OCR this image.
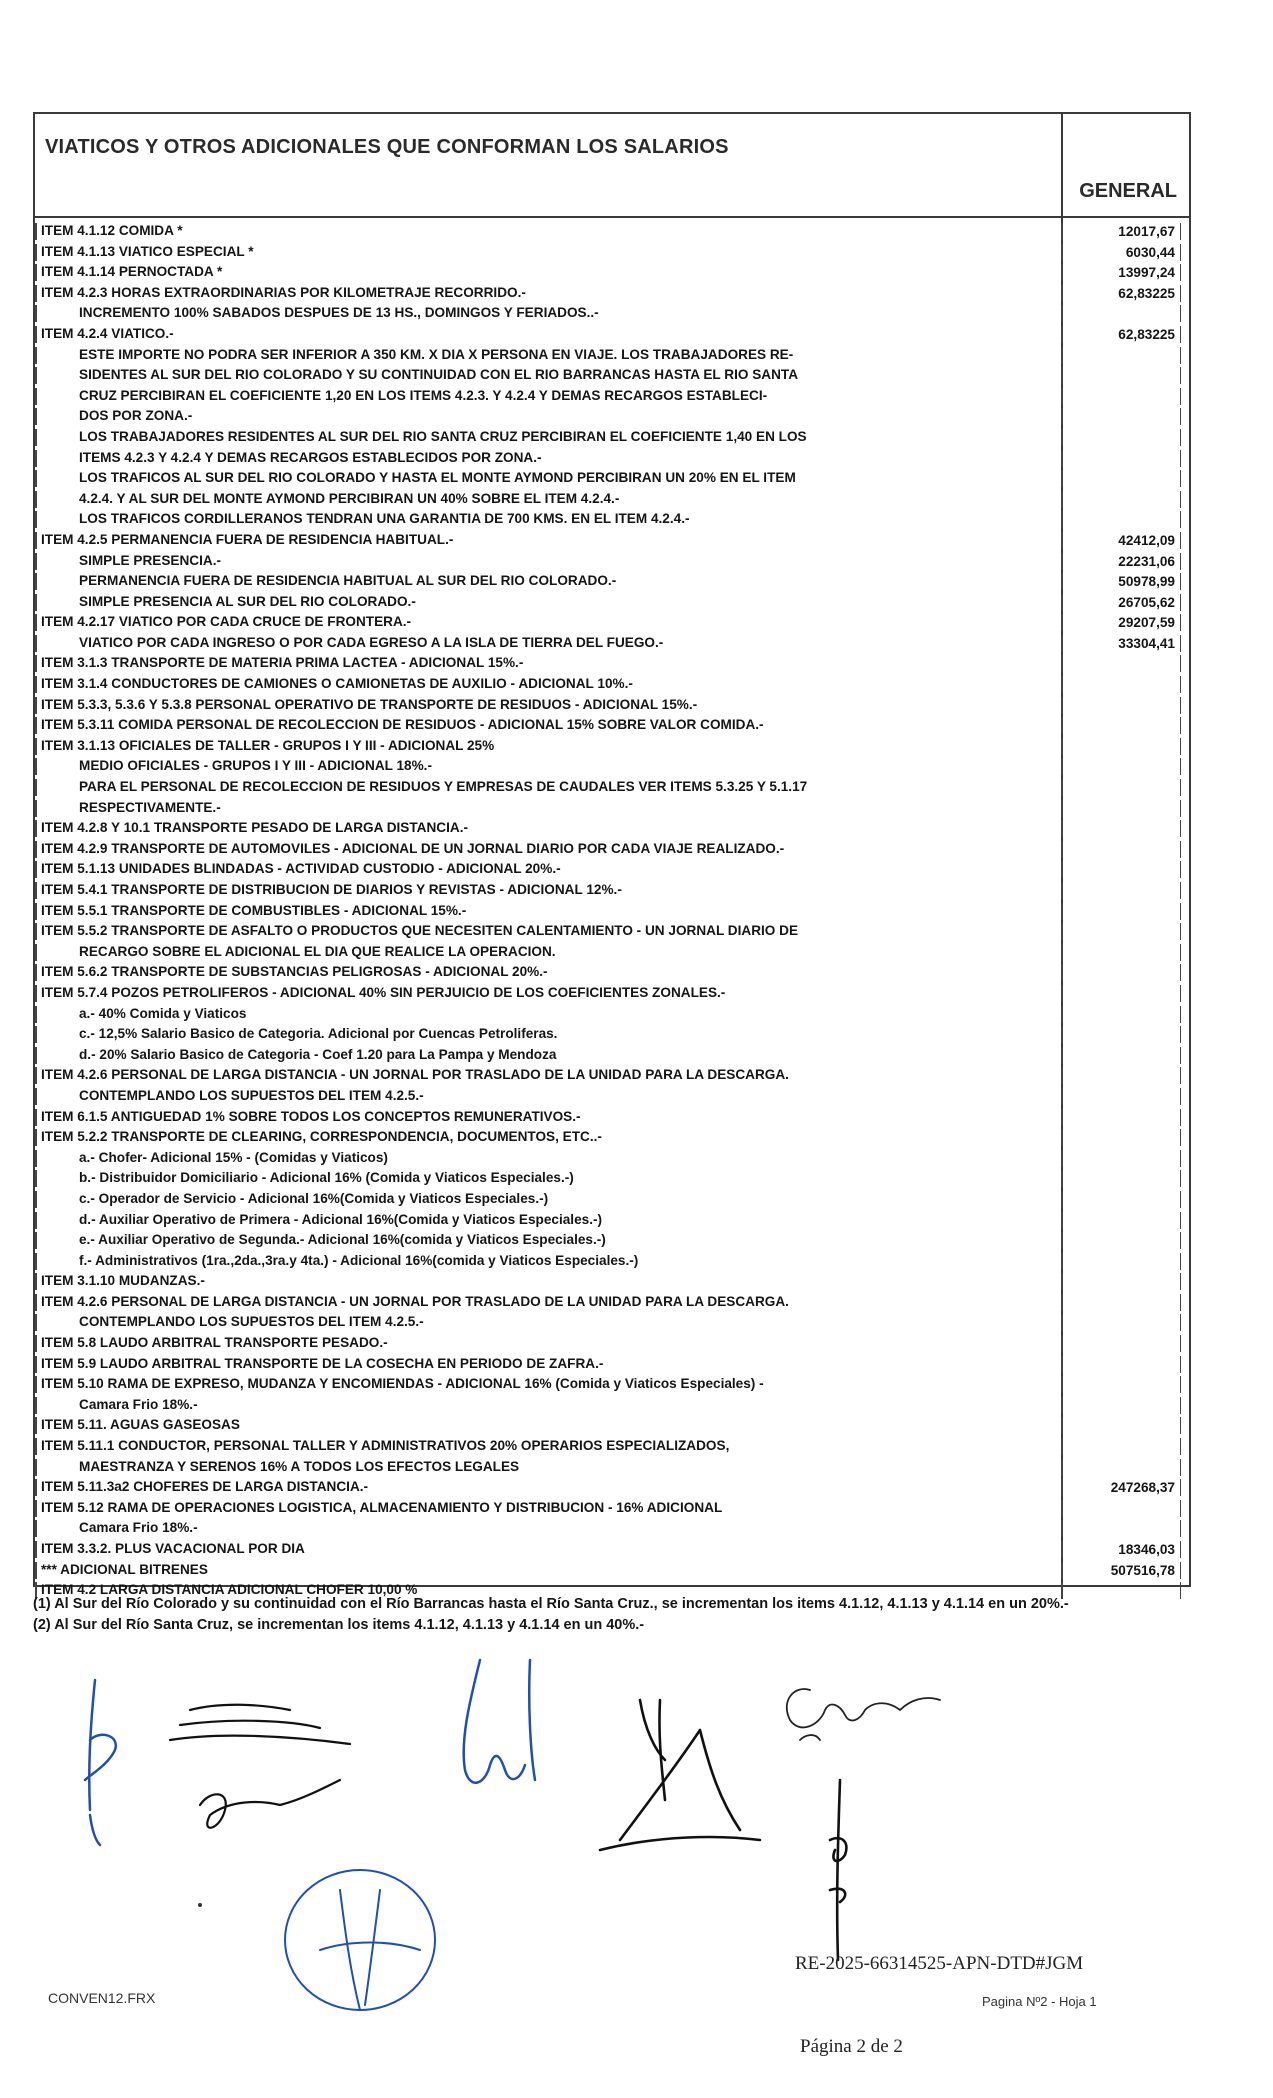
VIATICOS Y OTROS ADICIONALES QUE CONFORMAN LOS SALARIOS
GENERAL
ITEM 4.1.12 COMIDA *	12017,67
ITEM 4.1.13 VIATICO ESPECIAL *	6030,44
ITEM 4.1.14 PERNOCTADA *	13997,24
ITEM 4.2.3 HORAS EXTRAORDINARIAS POR KILOMETRAJE RECORRIDO.-	62,83225
INCREMENTO 100% SABADOS DESPUES DE 13 HS., DOMINGOS Y FERIADOS..-
ITEM 4.2.4 VIATICO.-	62,83225
ESTE IMPORTE NO PODRA SER INFERIOR A 350 KM. X DIA X PERSONA EN VIAJE. LOS TRABAJADORES RE-
SIDENTES AL SUR DEL RIO COLORADO Y SU CONTINUIDAD CON EL RIO BARRANCAS HASTA EL RIO SANTA
CRUZ PERCIBIRAN EL COEFICIENTE 1,20 EN LOS ITEMS 4.2.3. Y 4.2.4 Y DEMAS RECARGOS ESTABLECI-
DOS POR ZONA.-
LOS TRABAJADORES RESIDENTES AL SUR DEL RIO SANTA CRUZ PERCIBIRAN EL COEFICIENTE 1,40 EN LOS
ITEMS 4.2.3 Y 4.2.4 Y DEMAS RECARGOS ESTABLECIDOS POR ZONA.-
LOS TRAFICOS AL SUR DEL RIO COLORADO Y HASTA EL MONTE AYMOND PERCIBIRAN UN 20% EN EL ITEM
4.2.4. Y AL SUR DEL MONTE AYMOND PERCIBIRAN UN 40% SOBRE EL ITEM 4.2.4.-
LOS TRAFICOS CORDILLERANOS TENDRAN UNA GARANTIA DE 700 KMS. EN EL ITEM 4.2.4.-
ITEM 4.2.5 PERMANENCIA FUERA DE RESIDENCIA HABITUAL.-	42412,09
SIMPLE PRESENCIA.-	22231,06
PERMANENCIA FUERA DE RESIDENCIA HABITUAL AL SUR DEL RIO COLORADO.-	50978,99
SIMPLE PRESENCIA AL SUR DEL RIO COLORADO.-	26705,62
ITEM 4.2.17 VIATICO POR CADA CRUCE DE FRONTERA.-	29207,59
VIATICO POR CADA INGRESO O POR CADA EGRESO A LA ISLA DE TIERRA DEL FUEGO.-	33304,41
ITEM 3.1.3 TRANSPORTE DE MATERIA PRIMA LACTEA - ADICIONAL 15%.-
ITEM 3.1.4 CONDUCTORES DE CAMIONES O CAMIONETAS DE AUXILIO - ADICIONAL 10%.-
ITEM 5.3.3, 5.3.6 Y 5.3.8 PERSONAL OPERATIVO DE TRANSPORTE DE RESIDUOS - ADICIONAL 15%.-
ITEM 5.3.11 COMIDA PERSONAL DE RECOLECCION DE RESIDUOS - ADICIONAL 15% SOBRE VALOR COMIDA.-
ITEM 3.1.13 OFICIALES DE TALLER - GRUPOS I Y III - ADICIONAL 25%
MEDIO OFICIALES - GRUPOS I Y III - ADICIONAL 18%.-
PARA EL PERSONAL DE RECOLECCION DE RESIDUOS Y EMPRESAS DE CAUDALES VER ITEMS 5.3.25 Y 5.1.17
RESPECTIVAMENTE.-
ITEM 4.2.8 Y 10.1 TRANSPORTE PESADO DE LARGA DISTANCIA.-
ITEM 4.2.9 TRANSPORTE DE AUTOMOVILES - ADICIONAL DE UN JORNAL DIARIO POR CADA VIAJE REALIZADO.-
ITEM 5.1.13 UNIDADES BLINDADAS - ACTIVIDAD CUSTODIO - ADICIONAL 20%.-
ITEM 5.4.1 TRANSPORTE DE DISTRIBUCION DE DIARIOS Y REVISTAS - ADICIONAL 12%.-
ITEM 5.5.1 TRANSPORTE DE COMBUSTIBLES - ADICIONAL 15%.-
ITEM 5.5.2 TRANSPORTE DE ASFALTO O PRODUCTOS QUE NECESITEN CALENTAMIENTO - UN JORNAL DIARIO DE
RECARGO SOBRE EL ADICIONAL EL DIA QUE REALICE LA OPERACION.
ITEM 5.6.2 TRANSPORTE DE SUBSTANCIAS PELIGROSAS - ADICIONAL 20%.-
ITEM 5.7.4 POZOS PETROLIFEROS - ADICIONAL 40% SIN PERJUICIO DE LOS COEFICIENTES ZONALES.-
a.- 40% Comida y Viaticos
c.- 12,5% Salario Basico de Categoria. Adicional por Cuencas Petroliferas.
d.- 20% Salario Basico de Categoria - Coef 1.20 para La Pampa y Mendoza
ITEM 4.2.6 PERSONAL DE LARGA DISTANCIA - UN JORNAL POR TRASLADO DE LA UNIDAD PARA LA DESCARGA.
CONTEMPLANDO LOS SUPUESTOS DEL ITEM 4.2.5.-
ITEM 6.1.5 ANTIGUEDAD 1% SOBRE TODOS LOS CONCEPTOS REMUNERATIVOS.-
ITEM 5.2.2 TRANSPORTE DE CLEARING, CORRESPONDENCIA, DOCUMENTOS, ETC..-
a.- Chofer- Adicional 15% - (Comidas y Viaticos)
b.- Distribuidor Domiciliario - Adicional 16% (Comida y Viaticos Especiales.-)
c.- Operador de Servicio - Adicional 16%(Comida y Viaticos Especiales.-)
d.- Auxiliar Operativo de Primera - Adicional 16%(Comida y Viaticos Especiales.-)
e.- Auxiliar Operativo de Segunda.- Adicional 16%(comida y Viaticos Especiales.-)
f.- Administrativos (1ra.,2da.,3ra.y 4ta.) - Adicional 16%(comida y Viaticos Especiales.-)
ITEM 3.1.10 MUDANZAS.-
ITEM 4.2.6 PERSONAL DE LARGA DISTANCIA - UN JORNAL POR TRASLADO DE LA UNIDAD PARA LA DESCARGA.
CONTEMPLANDO LOS SUPUESTOS DEL ITEM 4.2.5.-
ITEM 5.8 LAUDO ARBITRAL TRANSPORTE PESADO.-
ITEM 5.9 LAUDO ARBITRAL TRANSPORTE DE LA COSECHA EN PERIODO DE ZAFRA.-
ITEM 5.10 RAMA DE EXPRESO, MUDANZA Y ENCOMIENDAS - ADICIONAL 16% (Comida y Viaticos Especiales) -
Camara Frio 18%.-
ITEM 5.11. AGUAS GASEOSAS
ITEM 5.11.1 CONDUCTOR, PERSONAL TALLER Y ADMINISTRATIVOS 20% OPERARIOS ESPECIALIZADOS,
MAESTRANZA Y SERENOS 16% A TODOS LOS EFECTOS LEGALES
ITEM 5.11.3a2 CHOFERES DE LARGA DISTANCIA.-	247268,37
ITEM 5.12 RAMA DE OPERACIONES LOGISTICA, ALMACENAMIENTO Y DISTRIBUCION - 16% ADICIONAL
Camara Frio 18%.-
ITEM 3.3.2. PLUS VACACIONAL POR DIA	18346,03
*** ADICIONAL BITRENES	507516,78
ITEM 4.2 LARGA DISTANCIA ADICIONAL CHOFER 10,00 %
(1) Al Sur del Río Colorado y su continuidad con el Río Barrancas hasta el Río Santa Cruz., se incrementan los items 4.1.12, 4.1.13 y 4.1.14 en un 20%.-
(2) Al Sur del Río Santa Cruz, se incrementan los items 4.1.12, 4.1.13 y 4.1.14 en un 40%.-
RE-2025-66314525-APN-DTD#JGM
CONVEN12.FRX	Pagina Nº2 - Hoja 1
Página 2 de 2
